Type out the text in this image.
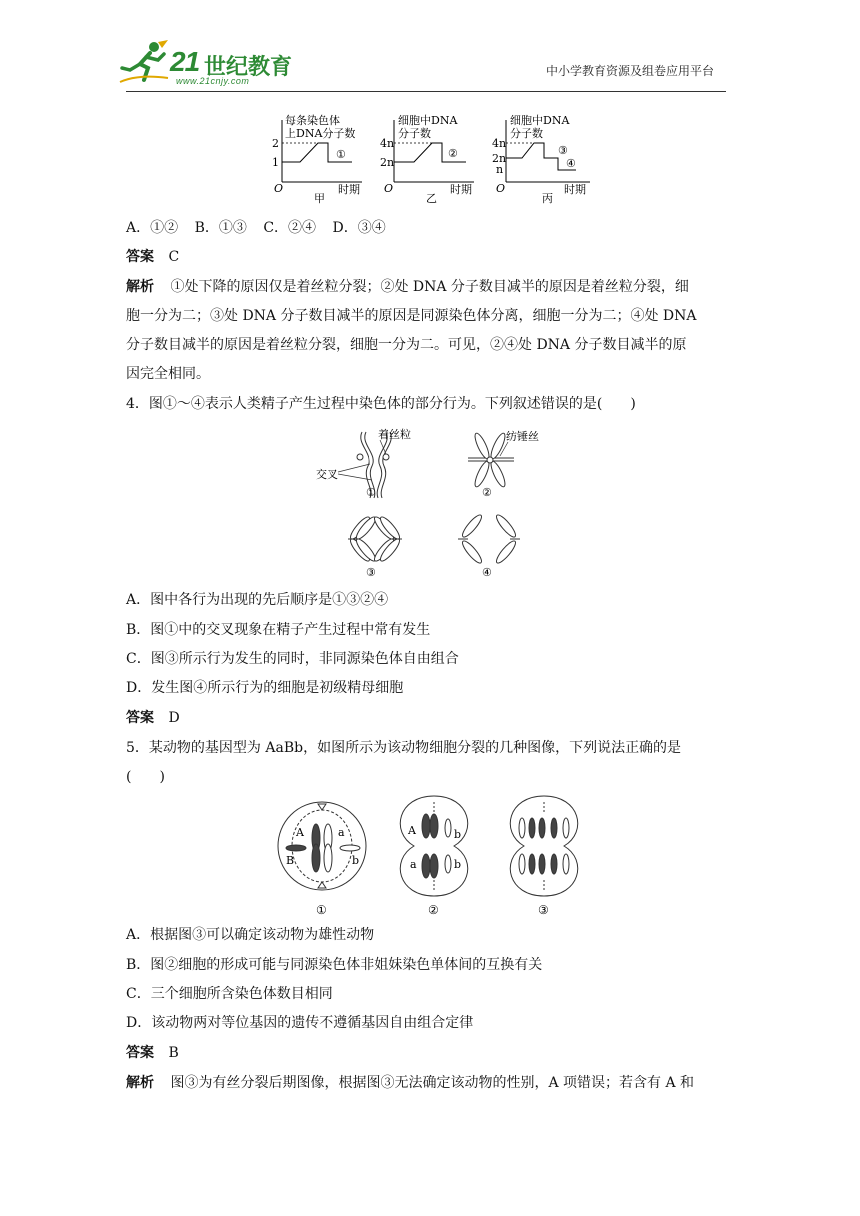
21 世纪教育
www.21cnjy.com
中小学教育资源及组卷应用平台
每条染色体
上DNA分子数
2
1
①
O	时期
甲
细胞中DNA
分子数
4n
2n
②
O	时期
乙
细胞中DNA
分子数
4n
2n
n
③
④
O	时期
丙
A．①② B．①③ C．②④ D．③④
答案 C
解析 ①处下降的原因仅是着丝粒分裂；②处 DNA 分子数目减半的原因是着丝粒分裂，细
胞一分为二；③处 DNA 分子数目减半的原因是同源染色体分离，细胞一分为二；④处 DNA
分子数目减半的原因是着丝粒分裂，细胞一分为二。可见，②④处 DNA 分子数目减半的原
因完全相同。
4．图①～④表示人类精子产生过程中染色体的部分行为。下列叙述错误的是(　　)
着丝粒
交叉
①
纺锤丝
②
③	④
A．图中各行为出现的先后顺序是①③②④
B．图①中的交叉现象在精子产生过程中常有发生
C．图③所示行为发生的同时，非同源染色体自由组合
D．发生图④所示行为的细胞是初级精母细胞
答案 D
5．某动物的基因型为 AaBb，如图所示为该动物细胞分裂的几种图像，下列说法正确的是
(　　)
A	a
B	b
①
A	b
a	b
②	③
A．根据图③可以确定该动物为雄性动物
B．图②细胞的形成可能与同源染色体非姐妹染色单体间的互换有关
C．三个细胞所含染色体数目相同
D．该动物两对等位基因的遗传不遵循基因自由组合定律
答案 B
解析 图③为有丝分裂后期图像，根据图③无法确定该动物的性别，A 项错误；若含有 A 和
